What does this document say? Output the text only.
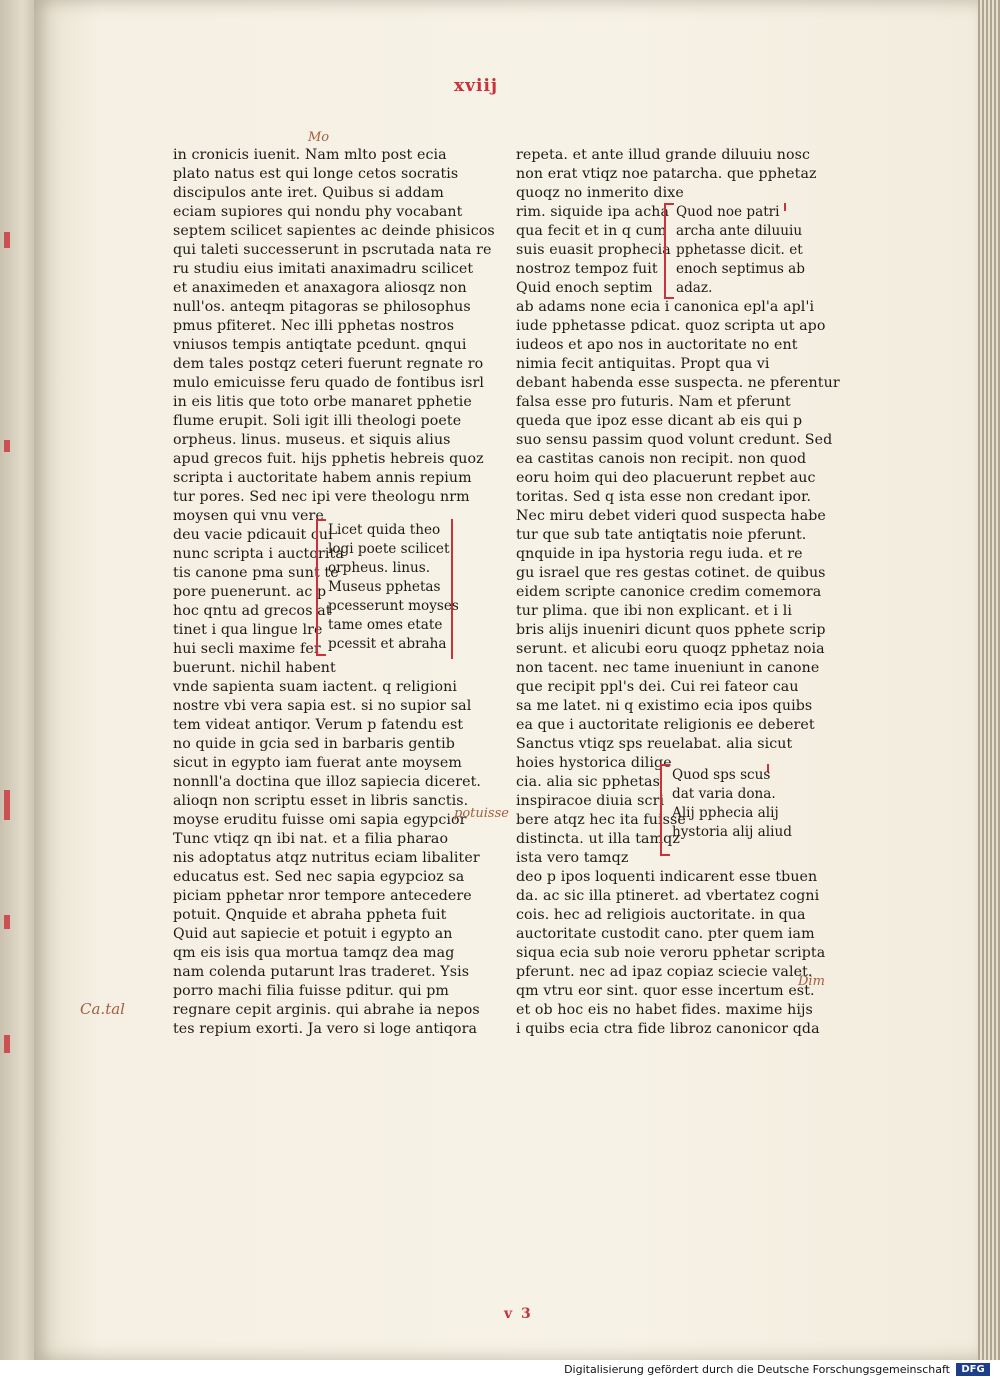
xviij
in cronicis iuenit. Nam mlto post ecia
plato natus est qui longe cetos socratis
discipulos ante iret. Quibus si addam
eciam supiores qui nondu phy vocabant
septem scilicet sapientes ac deinde phisicos
qui taleti successerunt in pscrutada nata re
ru studiu eius imitati anaximadru scilicet
et anaximeden et anaxagora aliosqz non
null'os. anteqm pitagoras se philosophus
pmus pfiteret. Nec illi pphetas nostros
vniusos tempis antiqtate pcedunt. qnqui
dem tales postqz ceteri fuerunt regnate ro
mulo emicuisse feru quado de fontibus isrl
in eis litis que toto orbe manaret pphetie
flume erupit. Soli igit illi theologi poete
orpheus. linus. museus. et siquis alius
apud grecos fuit. hijs pphetis hebreis quoz
scripta i auctoritate habem annis repium
tur pores. Sed nec ipi vere theologu nrm
moysen qui vnu vere
deu vacie pdicauit cui
nunc scripta i auctorita
tis canone pma sunt te
pore puenerunt. ac p
hoc qntu ad grecos at
tinet i qua lingue lre
hui secli maxime fer
buerunt. nichil habent
vnde sapienta suam iactent. q religioni
nostre vbi vera sapia est. si no supior sal
tem videat antiqor. Verum p fatendu est
no quide in gcia sed in barbaris gentib
sicut in egypto iam fuerat ante moysem
nonnll'a doctina que illoz sapiecia diceret.
alioqn non scriptu esset in libris sanctis.
moyse eruditu fuisse omi sapia egypcior
Tunc vtiqz qn ibi nat. et a filia pharao
nis adoptatus atqz nutritus eciam libaliter
educatus est. Sed nec sapia egypcioz sa
piciam pphetar nror tempore antecedere
potuit. Qnquide et abraha ppheta fuit
Quid aut sapiecie et potuit i egypto an
qm eis isis qua mortua tamqz dea mag
nam colenda putarunt lras traderet. Ysis
porro machi filia fuisse pditur. qui pm
regnare cepit arginis. qui abrahe ia nepos
tes repium exorti. Ja vero si loge antiqora
Licet quida theo
logi poete scilicet
orpheus. linus.
Museus pphetas
pcesserunt moyses
tame omes etate
pcessit et abraha
repeta. et ante illud grande diluuiu nosc
non erat vtiqz noe patarcha. que pphetaz
quoqz no inmerito dixe
rim. siquide ipa acha
qua fecit et in q cum
suis euasit prophecia
nostroz tempoz fuit
Quid enoch septim
ab adams none ecia i canonica epl'a apl'i
iude pphetasse pdicat. quoz scripta ut apo
iudeos et apo nos in auctoritate no ent
nimia fecit antiquitas. Propt qua vi
debant habenda esse suspecta. ne pferentur
falsa esse pro futuris. Nam et pferunt
queda que ipoz esse dicant ab eis qui p
suo sensu passim quod volunt credunt. Sed
ea castitas canois non recipit. non quod
eoru hoim qui deo placuerunt repbet auc
toritas. Sed q ista esse non credant ipor.
Nec miru debet videri quod suspecta habe
tur que sub tate antiqtatis noie pferunt.
qnquide in ipa hystoria regu iuda. et re
gu israel que res gestas cotinet. de quibus
eidem scripte canonice credim comemora
tur plima. que ibi non explicant. et i li
bris alijs inueniri dicunt quos pphete scrip
serunt. et alicubi eoru quoqz pphetaz noia
non tacent. nec tame inueniunt in canone
que recipit ppl's dei. Cui rei fateor cau
sa me latet. ni q existimo ecia ipos quibs
ea que i auctoritate religionis ee deberet
Sanctus vtiqz sps reuelabat. alia sicut
hoies hystorica dilige
cia. alia sic pphetas
inspiracoe diuia scri
bere atqz hec ita fuisse
distincta. ut illa tamqz
ista vero tamqz
deo p ipos loquenti indicarent esse tbuen
da. ac sic illa ptineret. ad vbertatez cogni
cois. hec ad religiois auctoritate. in qua
auctoritate custodit cano. pter quem iam
siqua ecia sub noie veroru pphetar scripta
pferunt. nec ad ipaz copiaz sciecie valet.
qm vtru eor sint. quor esse incertum est.
et ob hoc eis no habet fides. maxime hijs
i quibs ecia ctra fide libroz canonicor qda
Quod noe patri
archa ante diluuiu
pphetasse dicit. et
enoch septimus ab
adaz.
Quod sps scus
dat varia dona.
Alij pphecia alij
hystoria alij aliud
Mo
potuisse
Dim
Ca.tal
v 3
Digitalisierung gefördert durch die Deutsche Forschungsgemeinschaft	DFG
